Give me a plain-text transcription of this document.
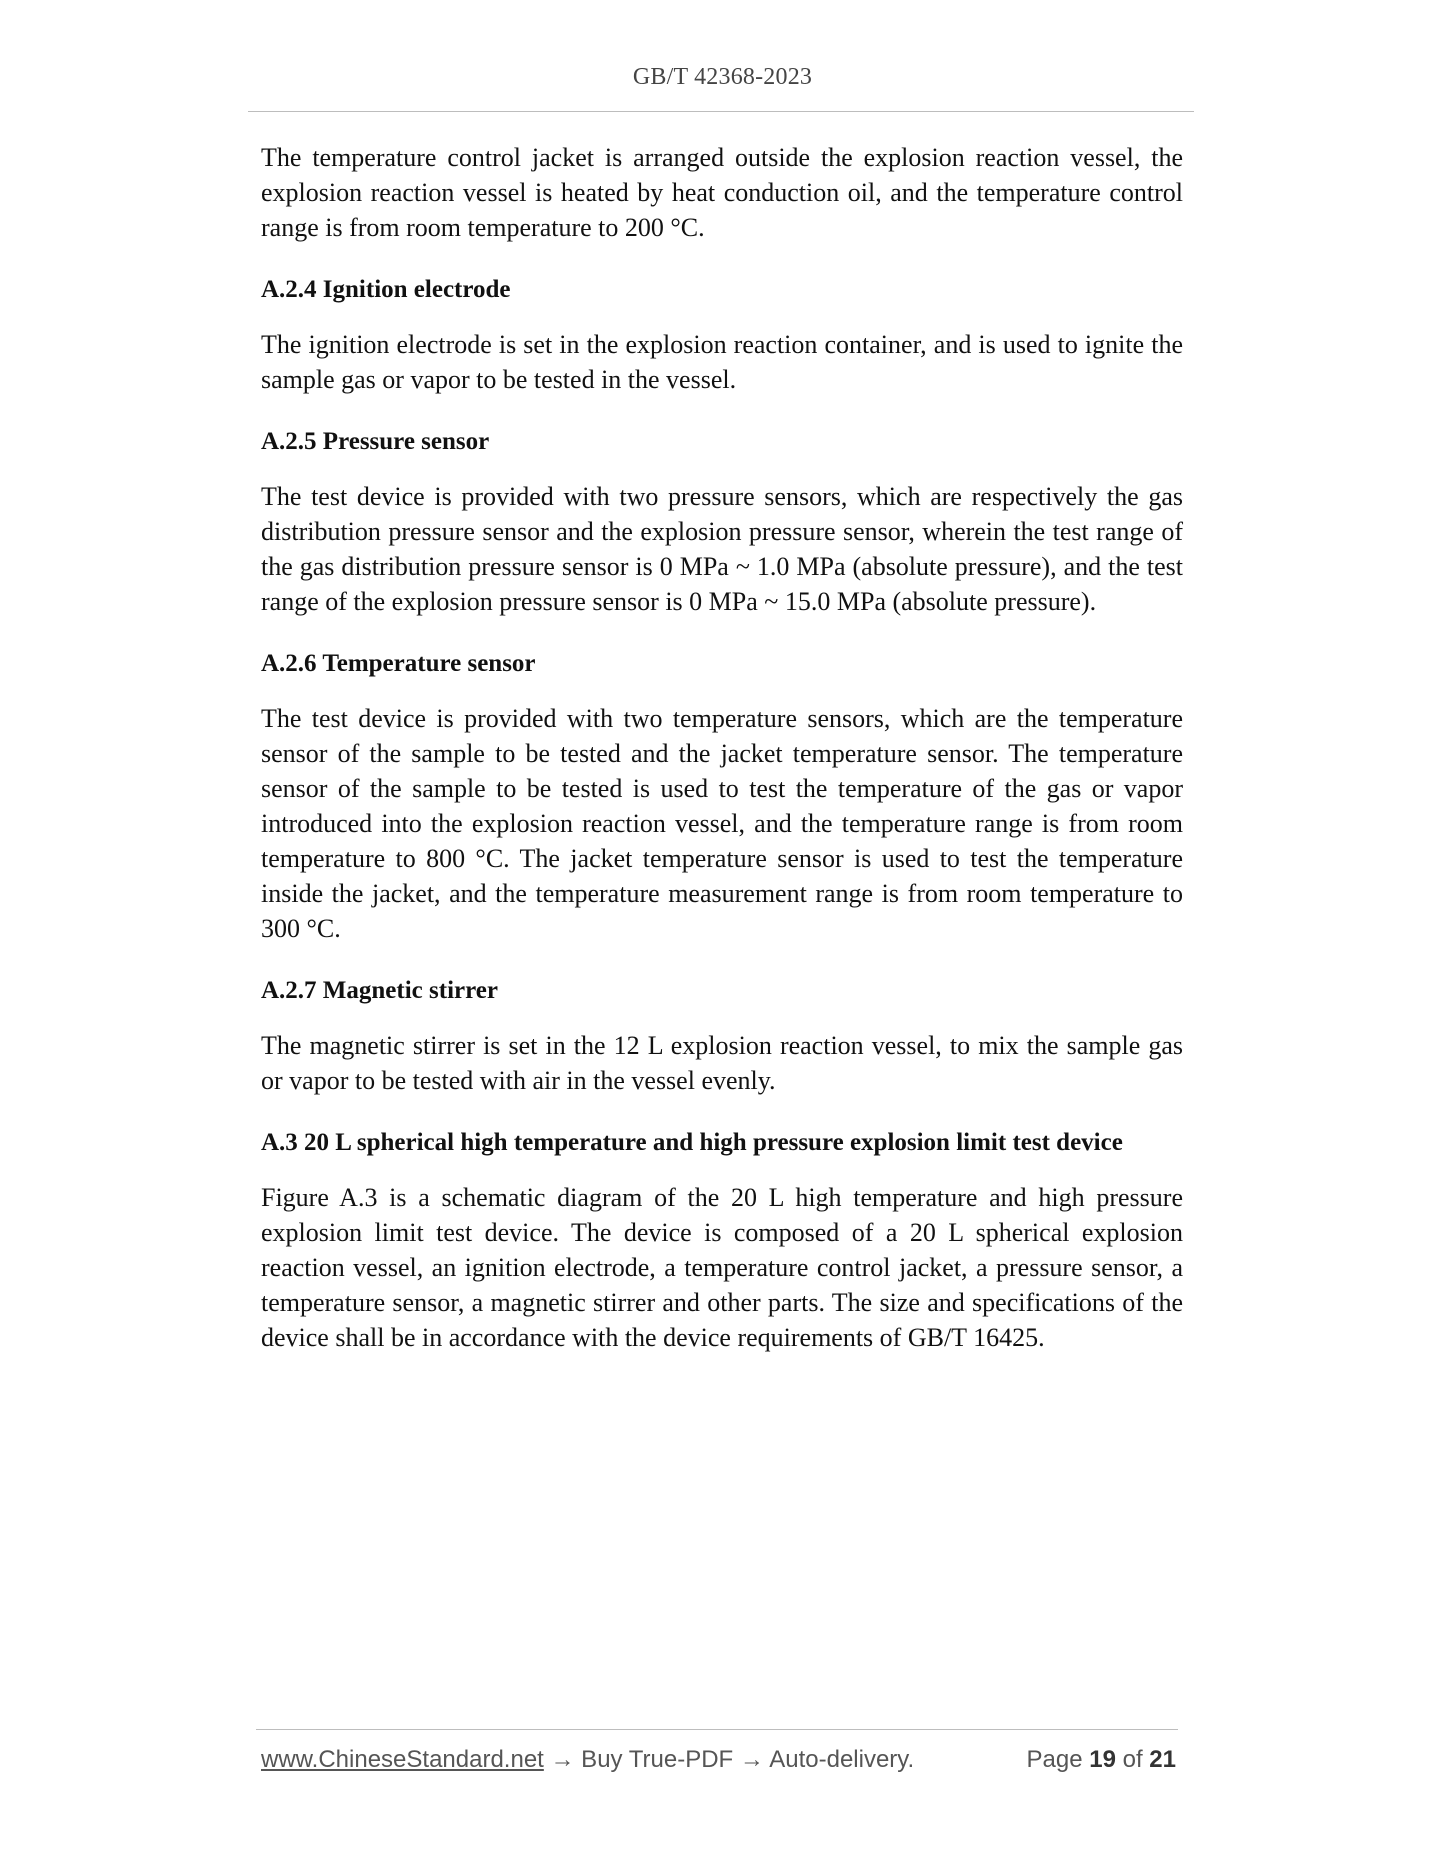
GB/T 42368-2023

The temperature control jacket is arranged outside the explosion reaction vessel, the explosion reaction vessel is heated by heat conduction oil, and the temperature control range is from room temperature to 200 °C.

A.2.4 Ignition electrode

The ignition electrode is set in the explosion reaction container, and is used to ignite the sample gas or vapor to be tested in the vessel.

A.2.5 Pressure sensor

The test device is provided with two pressure sensors, which are respectively the gas distribution pressure sensor and the explosion pressure sensor, wherein the test range of the gas distribution pressure sensor is 0 MPa ~ 1.0 MPa (absolute pressure), and the test range of the explosion pressure sensor is 0 MPa ~ 15.0 MPa (absolute pressure).

A.2.6 Temperature sensor

The test device is provided with two temperature sensors, which are the temperature sensor of the sample to be tested and the jacket temperature sensor. The temperature sensor of the sample to be tested is used to test the temperature of the gas or vapor introduced into the explosion reaction vessel, and the temperature range is from room temperature to 800 °C. The jacket temperature sensor is used to test the temperature inside the jacket, and the temperature measurement range is from room temperature to 300 °C.

A.2.7 Magnetic stirrer

The magnetic stirrer is set in the 12 L explosion reaction vessel, to mix the sample gas or vapor to be tested with air in the vessel evenly.

A.3 20 L spherical high temperature and high pressure explosion limit test device

Figure A.3 is a schematic diagram of the 20 L high temperature and high pressure explosion limit test device. The device is composed of a 20 L spherical explosion reaction vessel, an ignition electrode, a temperature control jacket, a pressure sensor, a temperature sensor, a magnetic stirrer and other parts. The size and specifications of the device shall be in accordance with the device requirements of GB/T 16425.

www.ChineseStandard.net → Buy True-PDF → Auto-delivery.	Page 19 of 21
